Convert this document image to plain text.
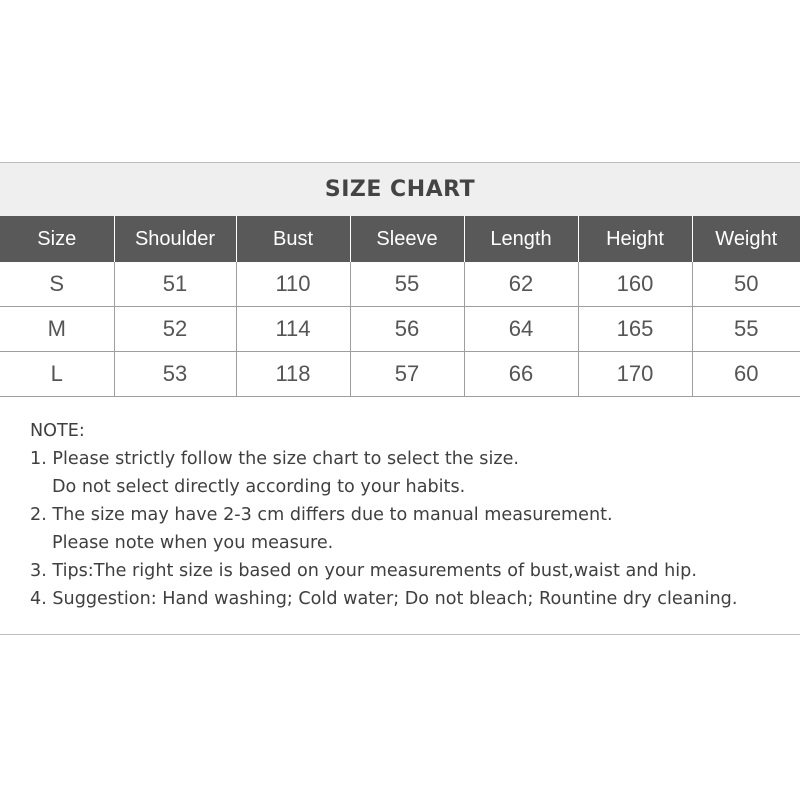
SIZE CHART
Size	Shoulder	Bust	Sleeve	Length	Height	Weight
S	51	110	55	62	160	50
M	52	114	56	64	165	55
L	53	118	57	66	170	60
NOTE:
1. Please strictly follow the size chart to select the size.
Do not select directly according to your habits.
2. The size may have 2-3 cm differs due to manual measurement.
Please note when you measure.
3. Tips:The right size is based on your measurements of bust,waist and hip.
4. Suggestion: Hand washing; Cold water; Do not bleach; Rountine dry cleaning.
